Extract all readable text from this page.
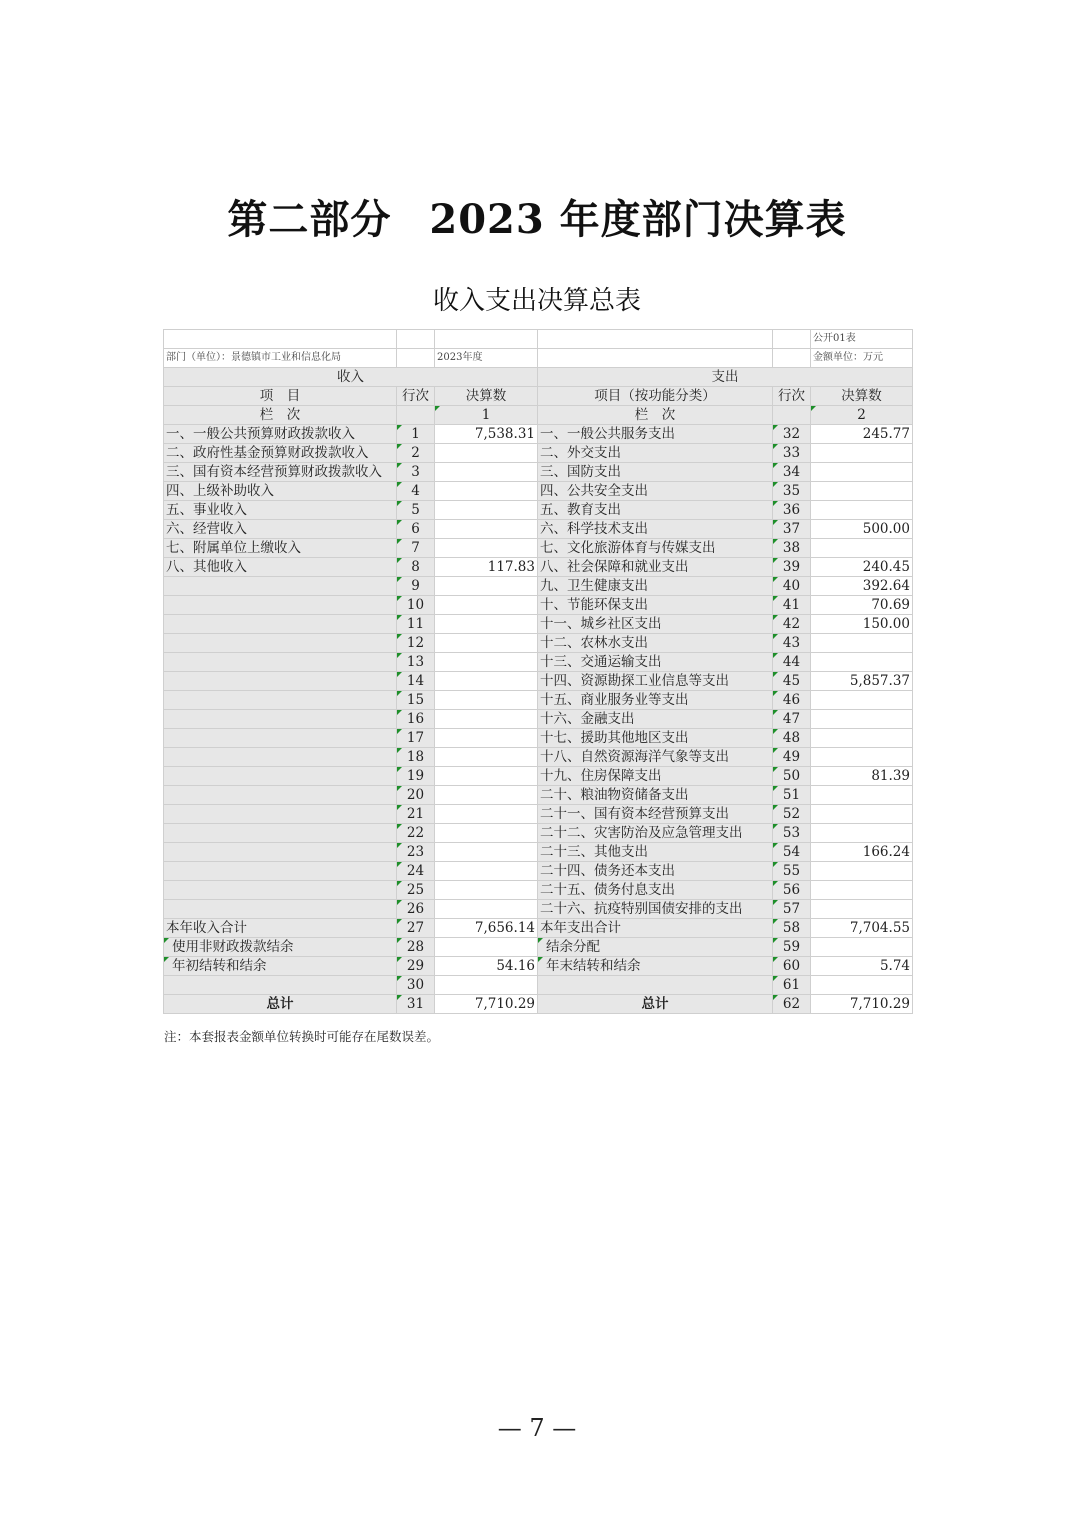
第二部分 2023 年度部门决算表
收入支出决算总表
					公开01表
部门（单位）：景德镇市工业和信息化局		2023年度			金额单位：万元
收入			支出		
项　目	行次	决算数	项目（按功能分类）	行次	决算数
栏　次		1	栏　次		2
一、一般公共预算财政拨款收入	1	7,538.31	一、一般公共服务支出	32	245.77
二、政府性基金预算财政拨款收入	2		二、外交支出	33	
三、国有资本经营预算财政拨款收入	3		三、国防支出	34	
四、上级补助收入	4		四、公共安全支出	35	
五、事业收入	5		五、教育支出	36	
六、经营收入	6		六、科学技术支出	37	500.00
七、附属单位上缴收入	7		七、文化旅游体育与传媒支出	38	
八、其他收入	8	117.83	八、社会保障和就业支出	39	240.45
	9		九、卫生健康支出	40	392.64
	10		十、节能环保支出	41	70.69
	11		十一、城乡社区支出	42	150.00
	12		十二、农林水支出	43	
	13		十三、交通运输支出	44	
	14		十四、资源勘探工业信息等支出	45	5,857.37
	15		十五、商业服务业等支出	46	
	16		十六、金融支出	47	
	17		十七、援助其他地区支出	48	
	18		十八、自然资源海洋气象等支出	49	
	19		十九、住房保障支出	50	81.39
	20		二十、粮油物资储备支出	51	
	21		二十一、国有资本经营预算支出	52	
	22		二十二、灾害防治及应急管理支出	53	
	23		二十三、其他支出	54	166.24
	24		二十四、债务还本支出	55	
	25		二十五、债务付息支出	56	
	26		二十六、抗疫特别国债安排的支出	57	
本年收入合计	27	7,656.14	本年支出合计	58	7,704.55
使用非财政拨款结余	28		结余分配	59	
年初结转和结余	29	54.16	年末结转和结余	60	5.74
	30			61	
总计	31	7,710.29	总计	62	7,710.29
注：本套报表金额单位转换时可能存在尾数误差。
— 7 —
